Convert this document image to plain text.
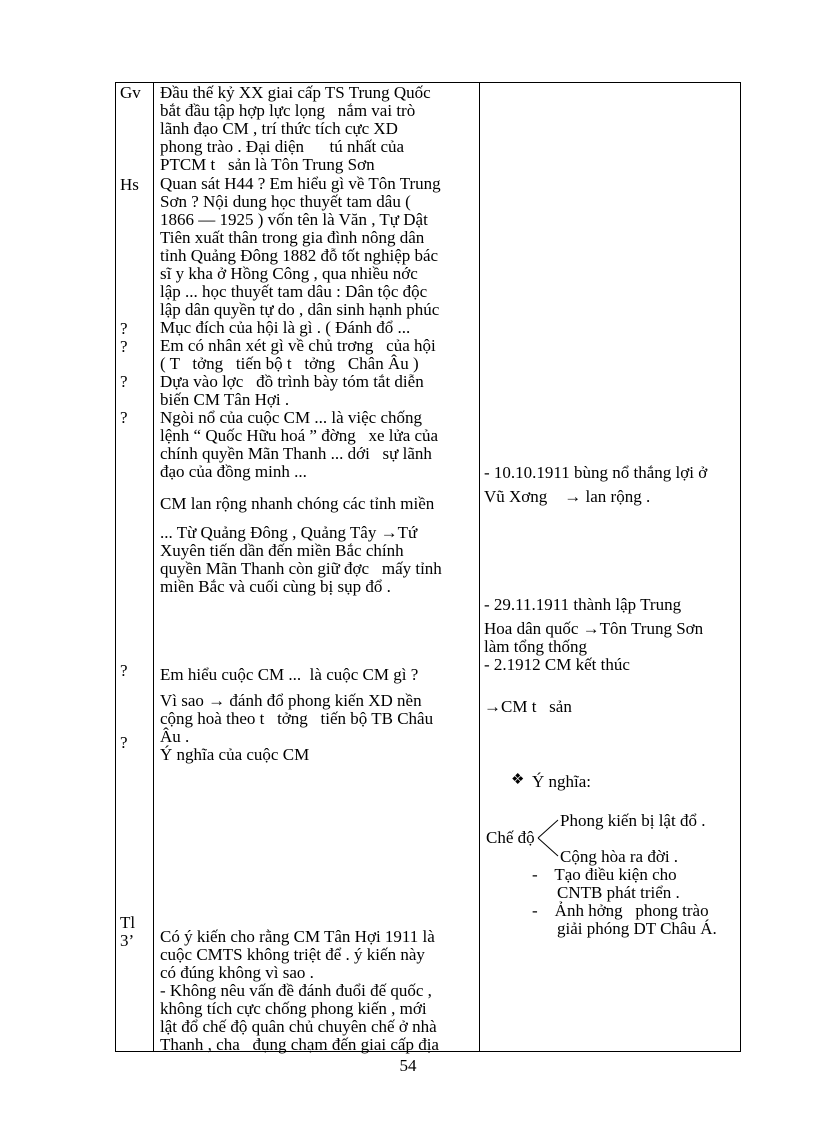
Gv
Hs
?
?
?
?
?
?
Tl
3’
Đầu thế kỷ XX giai cấp TS Trung Quốc
bắt đầu tập hợp lực lọng   nắm vai trò
lãnh đạo CM , trí thức tích cực XD
phong trào . Đại diện      tú nhất của
PTCM t   sản là Tôn Trung Sơn
Quan sát H44 ? Em hiểu gì về Tôn Trung
Sơn ? Nội dung học thuyết tam dâu (
1866 — 1925 ) vốn tên là Văn , Tự Dật
Tiên xuất thân trong gia đình nông dân
tỉnh Quảng Đông 1882 đỗ tốt nghiệp bác
sĩ y kha ở Hồng Công , qua nhiều nớc
lập ... học thuyết tam dâu : Dân tộc độc
lập dân quyền tự do , dân sinh hạnh phúc
Mục đích của hội là gì . ( Đánh đổ ...
Em có nhân xét gì về chủ trơng   của hội
( T   tởng   tiến bộ t   tởng   Chân Âu )
Dựa vào lợc   đồ trình bày tóm tắt diễn
biến CM Tân Hợi .
Ngòi nổ của cuộc CM ... là việc chống
lệnh “ Quốc Hữu hoá ” đờng   xe lửa của
chính quyền Mãn Thanh ... dới   sự lãnh
đạo của đồng minh ...
CM lan rộng nhanh chóng các tỉnh miền
... Từ Quảng Đông , Quảng Tây →Tứ
Xuyên tiến dần đến miền Bắc chính
quyền Mãn Thanh còn giữ đợc   mấy tỉnh
miền Bắc và cuối cùng bị sụp đổ .
Em hiểu cuộc CM ...  là cuộc CM gì ?
Vì sao → đánh đổ phong kiến XD nền
cộng hoà theo t   tởng   tiến bộ TB Châu
Âu .
Ý nghĩa của cuộc CM
Có ý kiến cho rằng CM Tân Hợi 1911 là
cuộc CMTS không triệt để . ý kiến này
có đúng không vì sao .
- Không nêu vấn đề đánh đuổi đế quốc ,
không tích cực chống phong kiến , mới
lật đổ chế độ quân chủ chuyên chế ở nhà
Thanh , cha   đụng chạm đến giai cấp địa
- 10.10.1911 bùng nổ thắng lợi ở
Vũ Xơng    → lan rộng .
- 29.11.1911 thành lập Trung
Hoa dân quốc →Tôn Trung Sơn
làm tổng thống
- 2.1912 CM kết thúc
→CM t   sản
❖ Ý nghĩa:
Phong kiến bị lật đổ .
Chế độ
Cộng hòa ra đời .
-    Tạo điều kiện cho
CNTB phát triển .
-    Ảnh hởng   phong trào
giải phóng DT Châu Á.
54
